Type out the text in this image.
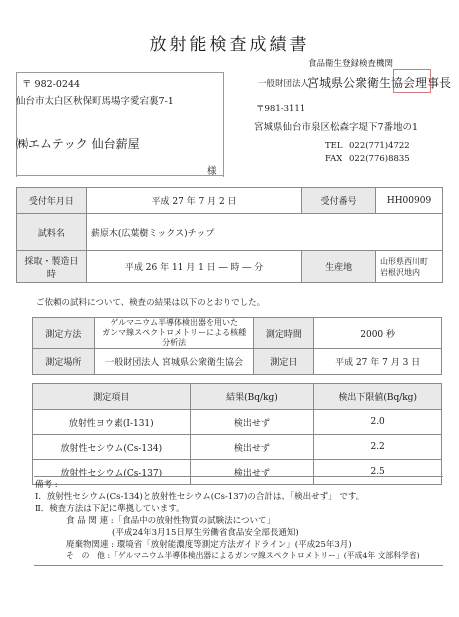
放射能検査成績書
〒 982-0244
仙台市太白区秋保町馬場字愛宕裏7-1
㈱エムテック 仙台薪屋
様
食品衛生登録検査機関
一般財団法人
宮城県公衆衛生協会理事長
〒981-3111
宮城県仙台市泉区松森字堤下7番地の1
TEL 022(771)4722
FAX 022(776)8835
受付年月日	平成 27 年 7 月 2 日	受付番号	HH00909
試料名	薪原木(広葉樹ミックス)チップ		
採取・製造日時	平成 26 年 11 月 1 日 ― 時 ― 分	生産地	山形県西川町
岩根沢地内
ご依頼の試料について、検査の結果は以下のとおりでした。
測定方法	ゲルマニウム半導体検出器を用いた
ガンマ線スペクトロメトリーによる核種分析法	測定時間	2000 秒
測定場所	一般財団法人 宮城県公衆衛生協会	測定日	平成 27 年 7 月 3 日
測定項目	結果(Bq/kg)	検出下限値(Bq/kg)
放射性ヨウ素(I-131)	検出せず	2.0
放射性セシウム(Cs-134)	検出せず	2.2
放射性セシウム(Cs-137)	検出せず	2.5
備考 :
Ⅰ．放射性セシウム(Cs-134)と放射性セシウム(Cs-137)の合計は、「検出せず」 です。
Ⅱ．検査方法は下記に準拠しています。
食 品 関 連 :「食品中の放射性物質の試験法について」
(平成24年3月15日厚生労働省食品安全部長通知)
廃棄物関連 : 環境省「放射能濃度等測定方法ガイドライン」(平成25年3月)
そ　の　他 :「ゲルマニウム半導体検出器によるガンマ線スペクトロメトリー」(平成4年 文部科学省)
